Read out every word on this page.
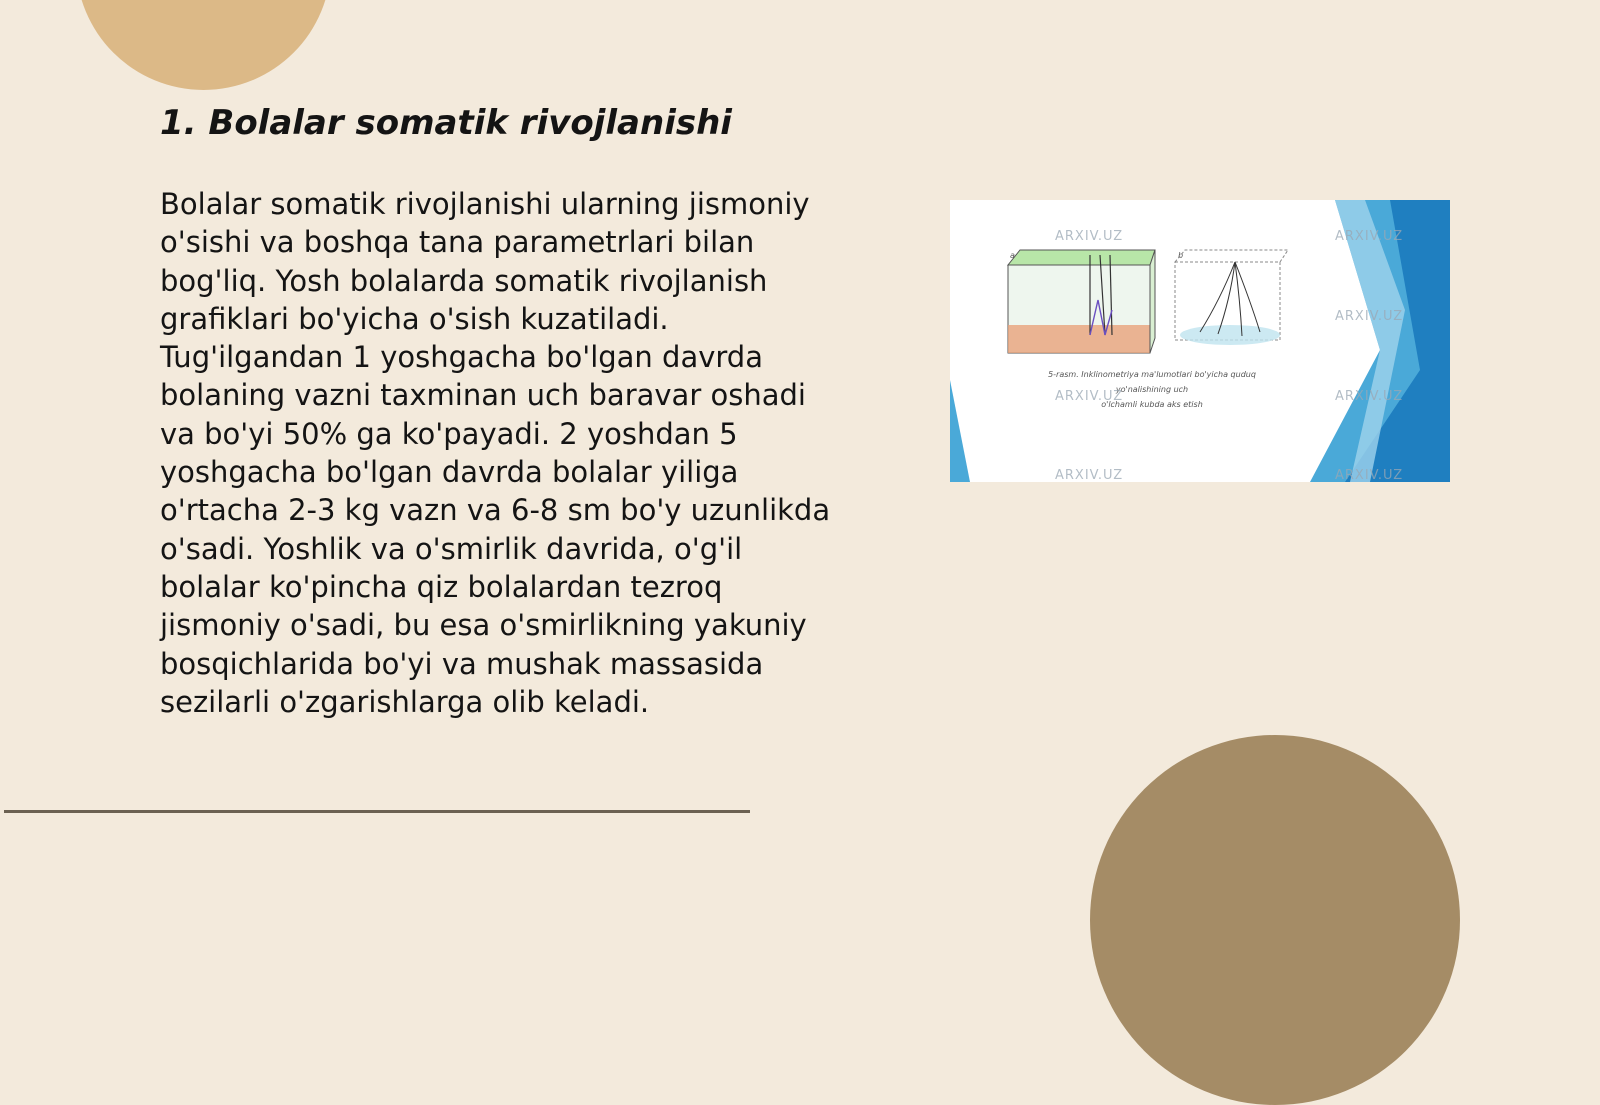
1. Bolalar somatik rivojlanishi

Bolalar somatik rivojlanishi ularning jismoniy o'sishi va boshqa tana parametrlari bilan bog'liq. Yosh bolalarda somatik rivojlanish grafiklari bo'yicha o'sish kuzatiladi. Tug'ilgandan 1 yoshgacha bo'lgan davrda bolaning vazni taxminan uch baravar oshadi va bo'yi 50% ga ko'payadi. 2 yoshdan 5 yoshgacha bo'lgan davrda bolalar yiliga o'rtacha 2-3 kg vazn va 6-8 sm bo'y uzunlikda o'sadi. Yoshlik va o'smirlik davrida, o'g'il bolalar ko'pincha qiz bolalardan tezroq jismoniy o'sadi, bu esa o'smirlikning yakuniy bosqichlarida bo'yi va mushak massasida sezilarli o'zgarishlarga olib keladi.

a	b
5-rasm. Inklinometriya ma'lumotlari bo'yicha quduq
yo'nalishining uch
o'lchamli kubda aks etish
ARXIV.UZ	ARXIV.UZ
ARXIV.UZ
ARXIV.UZ	ARXIV.UZ
ARXIV.UZ	ARXIV.UZ
